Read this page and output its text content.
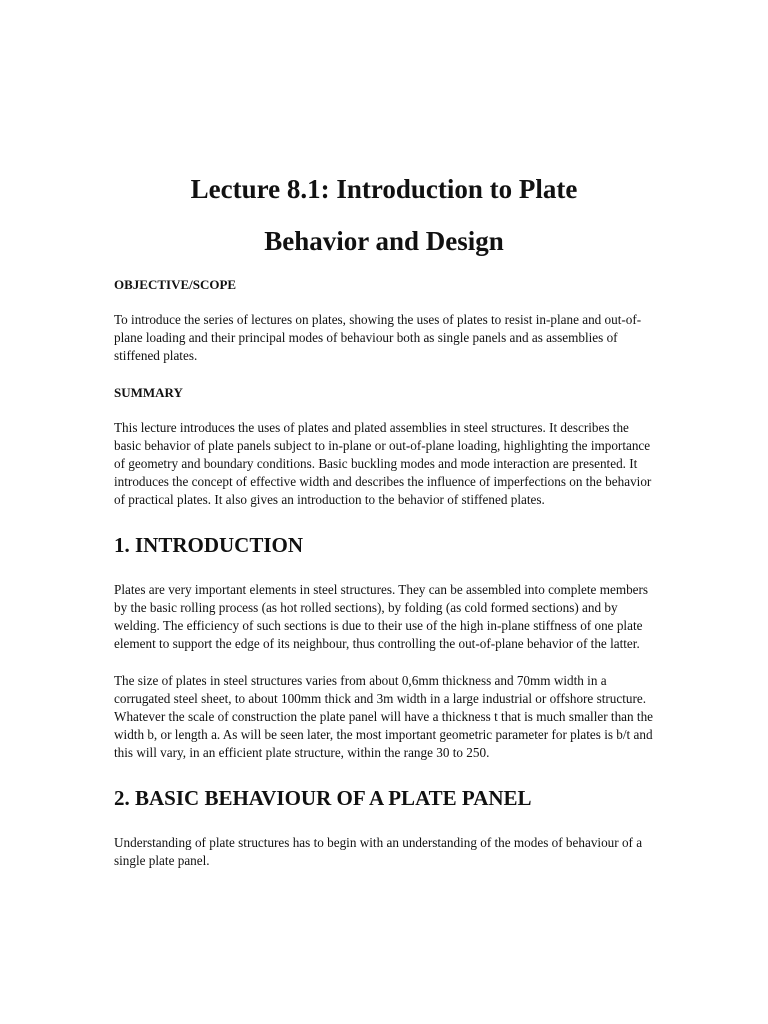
Lecture 8.1: Introduction to Plate
Behavior and Design

OBJECTIVE/SCOPE

To introduce the series of lectures on plates, showing the uses of plates to resist in-plane and out-of-plane loading and their principal modes of behaviour both as single panels and as assemblies of stiffened plates.

SUMMARY

This lecture introduces the uses of plates and plated assemblies in steel structures. It describes the basic behavior of plate panels subject to in-plane or out-of-plane loading, highlighting the importance of geometry and boundary conditions. Basic buckling modes and mode interaction are presented. It introduces the concept of effective width and describes the influence of imperfections on the behavior of practical plates. It also gives an introduction to the behavior of stiffened plates.

1. INTRODUCTION

Plates are very important elements in steel structures. They can be assembled into complete members by the basic rolling process (as hot rolled sections), by folding (as cold formed sections) and by welding. The efficiency of such sections is due to their use of the high in-plane stiffness of one plate element to support the edge of its neighbour, thus controlling the out-of-plane behavior of the latter.

The size of plates in steel structures varies from about 0,6mm thickness and 70mm width in a corrugated steel sheet, to about 100mm thick and 3m width in a large industrial or offshore structure. Whatever the scale of construction the plate panel will have a thickness t that is much smaller than the width b, or length a. As will be seen later, the most important geometric parameter for plates is b/t and this will vary, in an efficient plate structure, within the range 30 to 250.

2. BASIC BEHAVIOUR OF A PLATE PANEL

Understanding of plate structures has to begin with an understanding of the modes of behaviour of a single plate panel.
